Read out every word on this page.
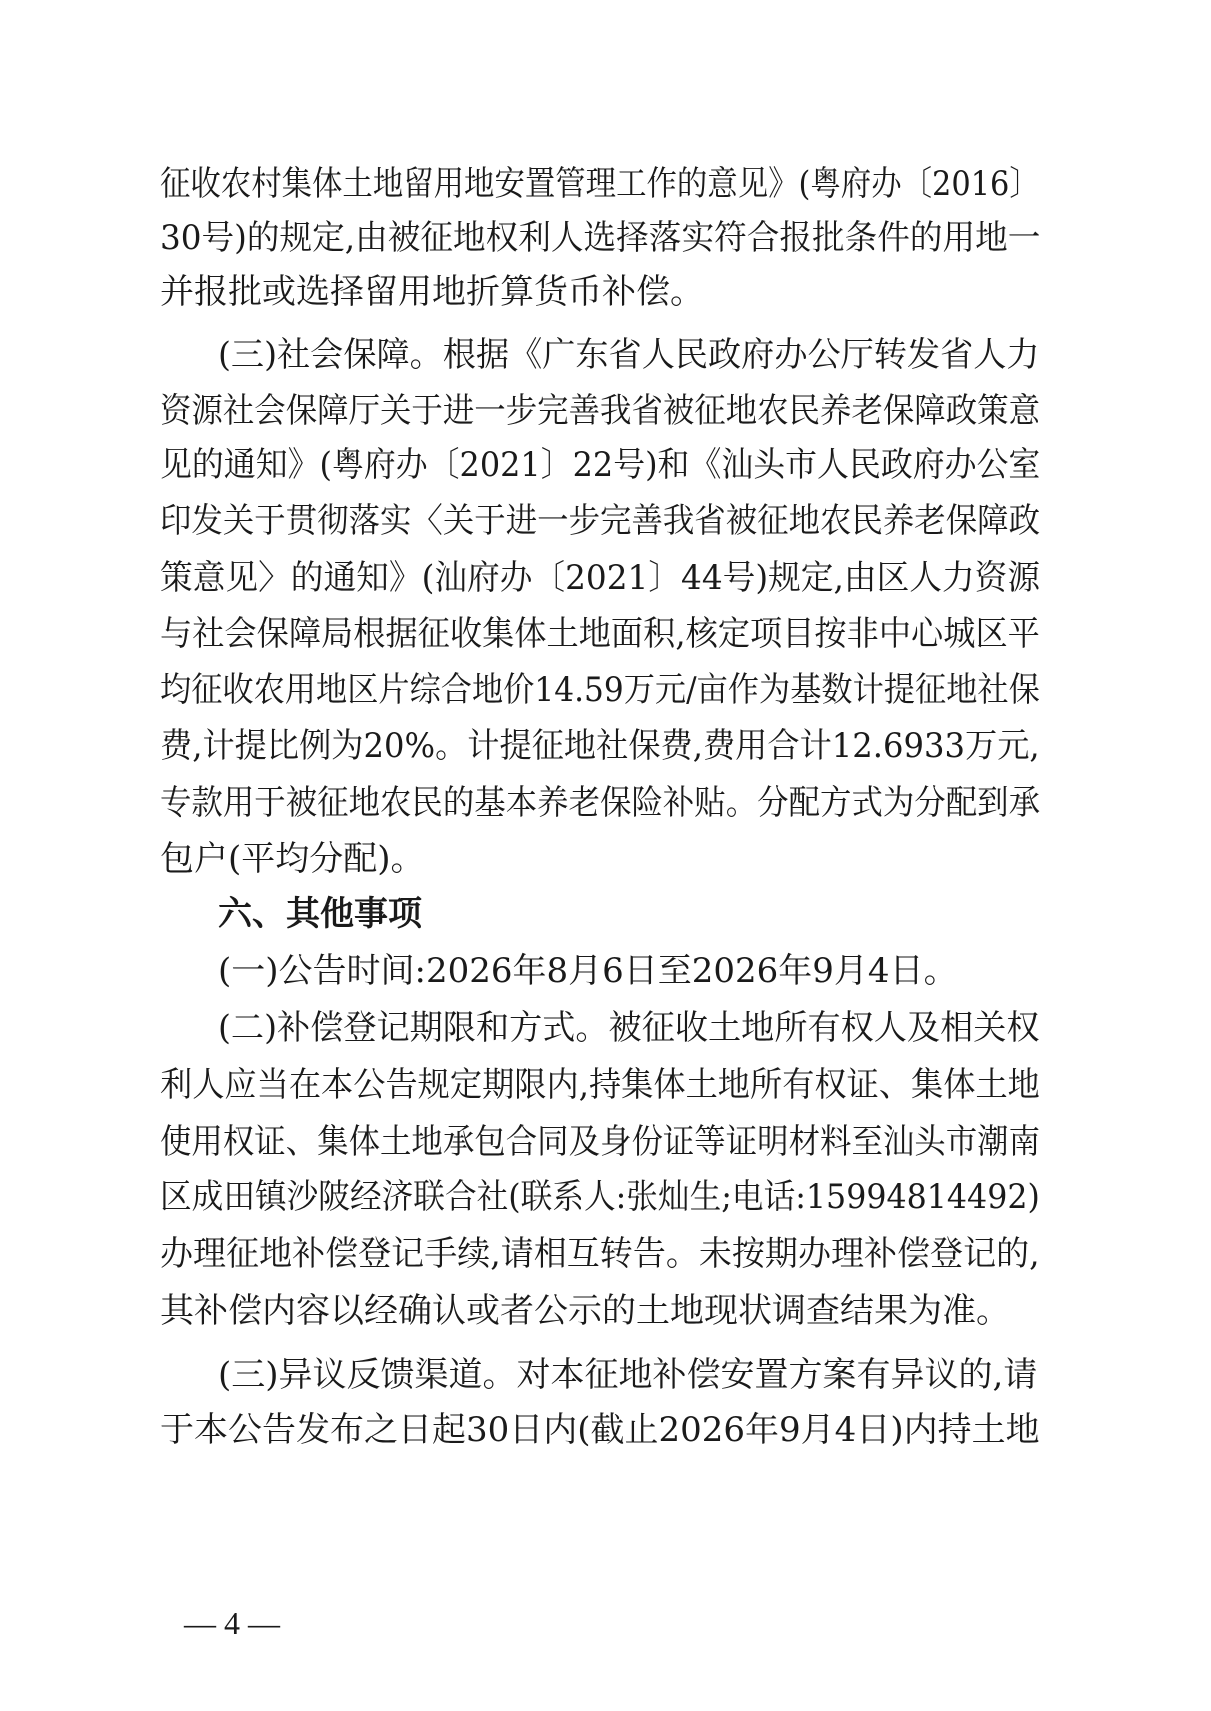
征收农村集体土地留用地安置管理工作的意见》(粤府办〔2016〕
30号)的规定,由被征地权利人选择落实符合报批条件的用地一
并报批或选择留用地折算货币补偿。
(三)社会保障。根据《广东省人民政府办公厅转发省人力
资源社会保障厅关于进一步完善我省被征地农民养老保障政策意
见的通知》(粤府办〔2021〕22号)和《汕头市人民政府办公室
印发关于贯彻落实〈关于进一步完善我省被征地农民养老保障政
策意见〉的通知》(汕府办〔2021〕44号)规定,由区人力资源
与社会保障局根据征收集体土地面积,核定项目按非中心城区平
均征收农用地区片综合地价14.59万元/亩作为基数计提征地社保
费,计提比例为20%。计提征地社保费,费用合计12.6933万元,
专款用于被征地农民的基本养老保险补贴。分配方式为分配到承
包户(平均分配)。
六、其他事项
(一)公告时间:2026年8月6日至2026年9月4日。
(二)补偿登记期限和方式。被征收土地所有权人及相关权
利人应当在本公告规定期限内,持集体土地所有权证、集体土地
使用权证、集体土地承包合同及身份证等证明材料至汕头市潮南
区成田镇沙陂经济联合社(联系人:张灿生;电话:15994814492)
办理征地补偿登记手续,请相互转告。未按期办理补偿登记的,
其补偿内容以经确认或者公示的土地现状调查结果为准。
(三)异议反馈渠道。对本征地补偿安置方案有异议的,请
于本公告发布之日起30日内(截止2026年9月4日)内持土地
— 4 —
